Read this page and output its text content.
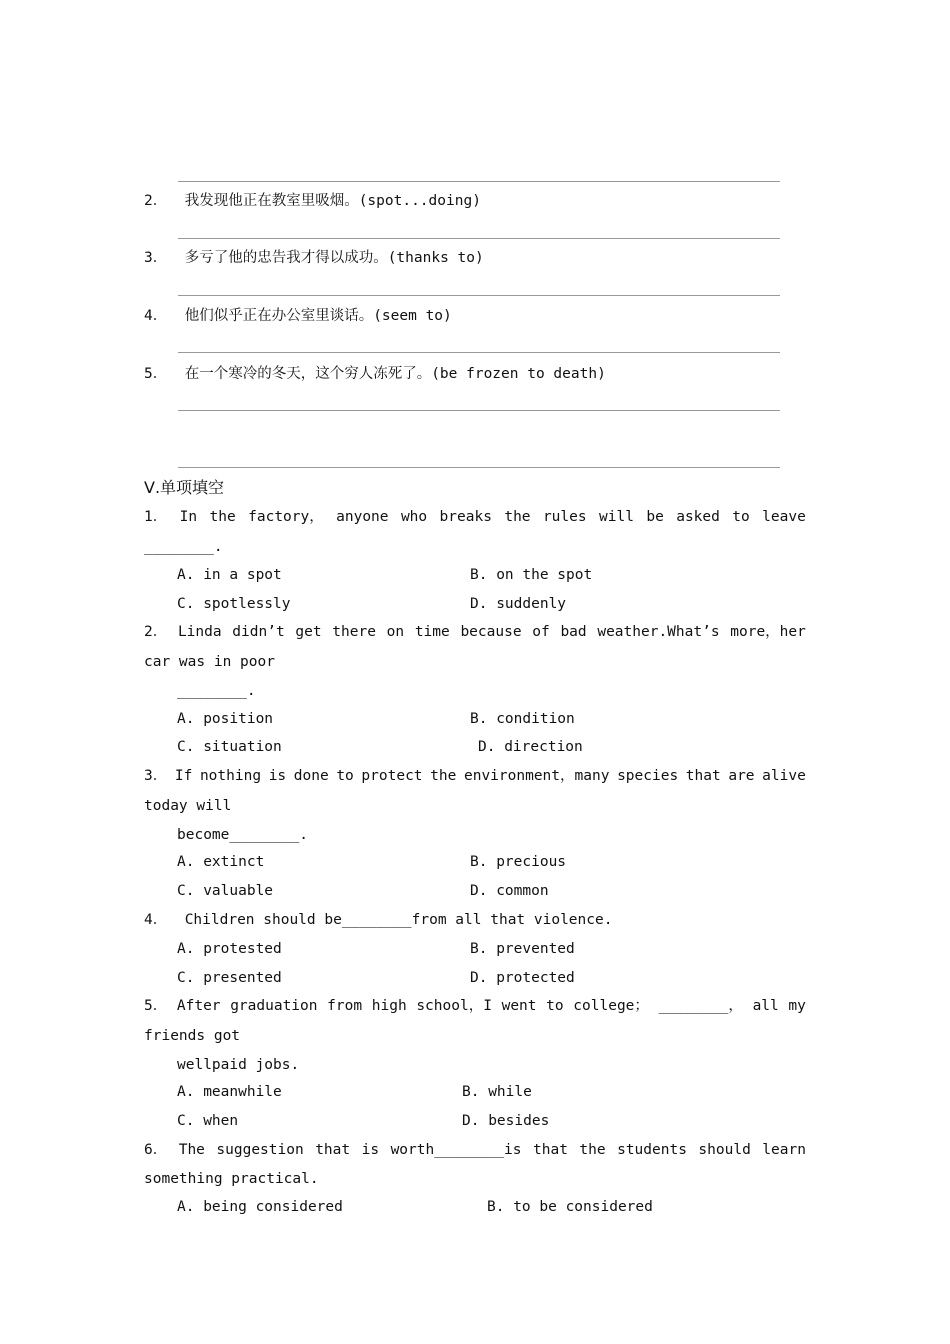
2． 我发现他正在教室里吸烟。(spot...doing)
3． 多亏了他的忠告我才得以成功。(thanks to)
4． 他们似乎正在办公室里谈话。(seem to)
5． 在一个寒冷的冬天，这个穷人冻死了。(be frozen to death)
Ⅴ.单项填空
1． In the factory， anyone who breaks the rules will be asked to leave
________.
A. in a spot	B. on the spot
C. spotlessly	D. suddenly
2． Linda didn’t get there on time because of bad weather.What’s more，her
car was in poor
________.
A. position	B. condition
C. situation	D. direction
3． If nothing is done to protect the environment，many species that are alive
today will
become________.
A. extinct	B. precious
C. valuable	D. common
4．  Children should be________from all that violence.
A. protested	B. prevented
C. presented	D. protected
5． After graduation from high school，I went to college； ________， all my
friends got
wellpaid jobs.
A. meanwhile	B. while
C. when	D. besides
6． The suggestion that is worth________is that the students should learn
something practical.
A. being considered	B. to be considered
